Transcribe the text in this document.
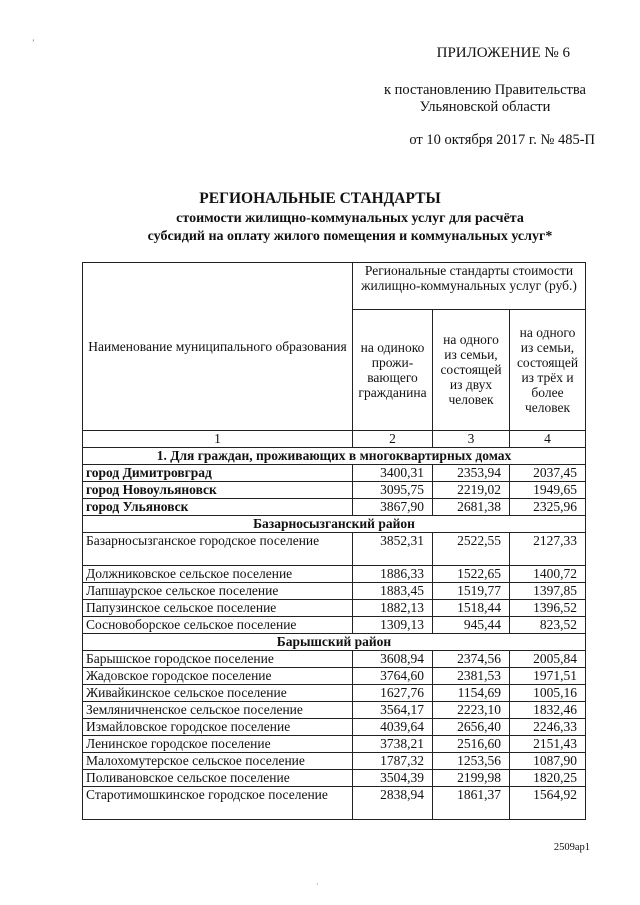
ʼ
ПРИЛОЖЕНИЕ № 6
к постановлению Правительства
Ульяновской области
от 10 октября 2017 г. № 485-П
РЕГИОНАЛЬНЫЕ СТАНДАРТЫ
стоимости жилищно-коммунальных услуг для расчёта
субсидий на оплату жилого помещения и коммунальных услуг*
Наименование муниципального образования	Региональные стандарты стоимости жилищно-коммунальных услуг (руб.)		
	на одиноко прожи-вающего гражданина	на одного из семьи, состоящей из двух человек	на одного из семьи, состоящей из трёх и более человек
1	2	3	4
1. Для граждан, проживающих в многоквартирных домах			
город Димитровград	3400,31	2353,94	2037,45
город Новоульяновск	3095,75	2219,02	1949,65
город Ульяновск	3867,90	2681,38	2325,96
Базарносызганский район			
Базарносызганское городское поселение	3852,31	2522,55	2127,33
Должниковское сельское поселение	1886,33	1522,65	1400,72
Лапшаурское сельское поселение	1883,45	1519,77	1397,85
Папузинское сельское поселение	1882,13	1518,44	1396,52
Сосновоборское сельское поселение	1309,13	945,44	823,52
Барышский район			
Барышское городское поселение	3608,94	2374,56	2005,84
Жадовское городское поселение	3764,60	2381,53	1971,51
Живайкинское сельское поселение	1627,76	1154,69	1005,16
Земляничненское сельское поселение	3564,17	2223,10	1832,46
Измайловское городское поселение	4039,64	2656,40	2246,33
Ленинское городское поселение	3738,21	2516,60	2151,43
Малохомутерское сельское поселение	1787,32	1253,56	1087,90
Поливановское сельское поселение	3504,39	2199,98	1820,25
Старотимошкинское городское поселение	2838,94	1861,37	1564,92
2509ар1
·
